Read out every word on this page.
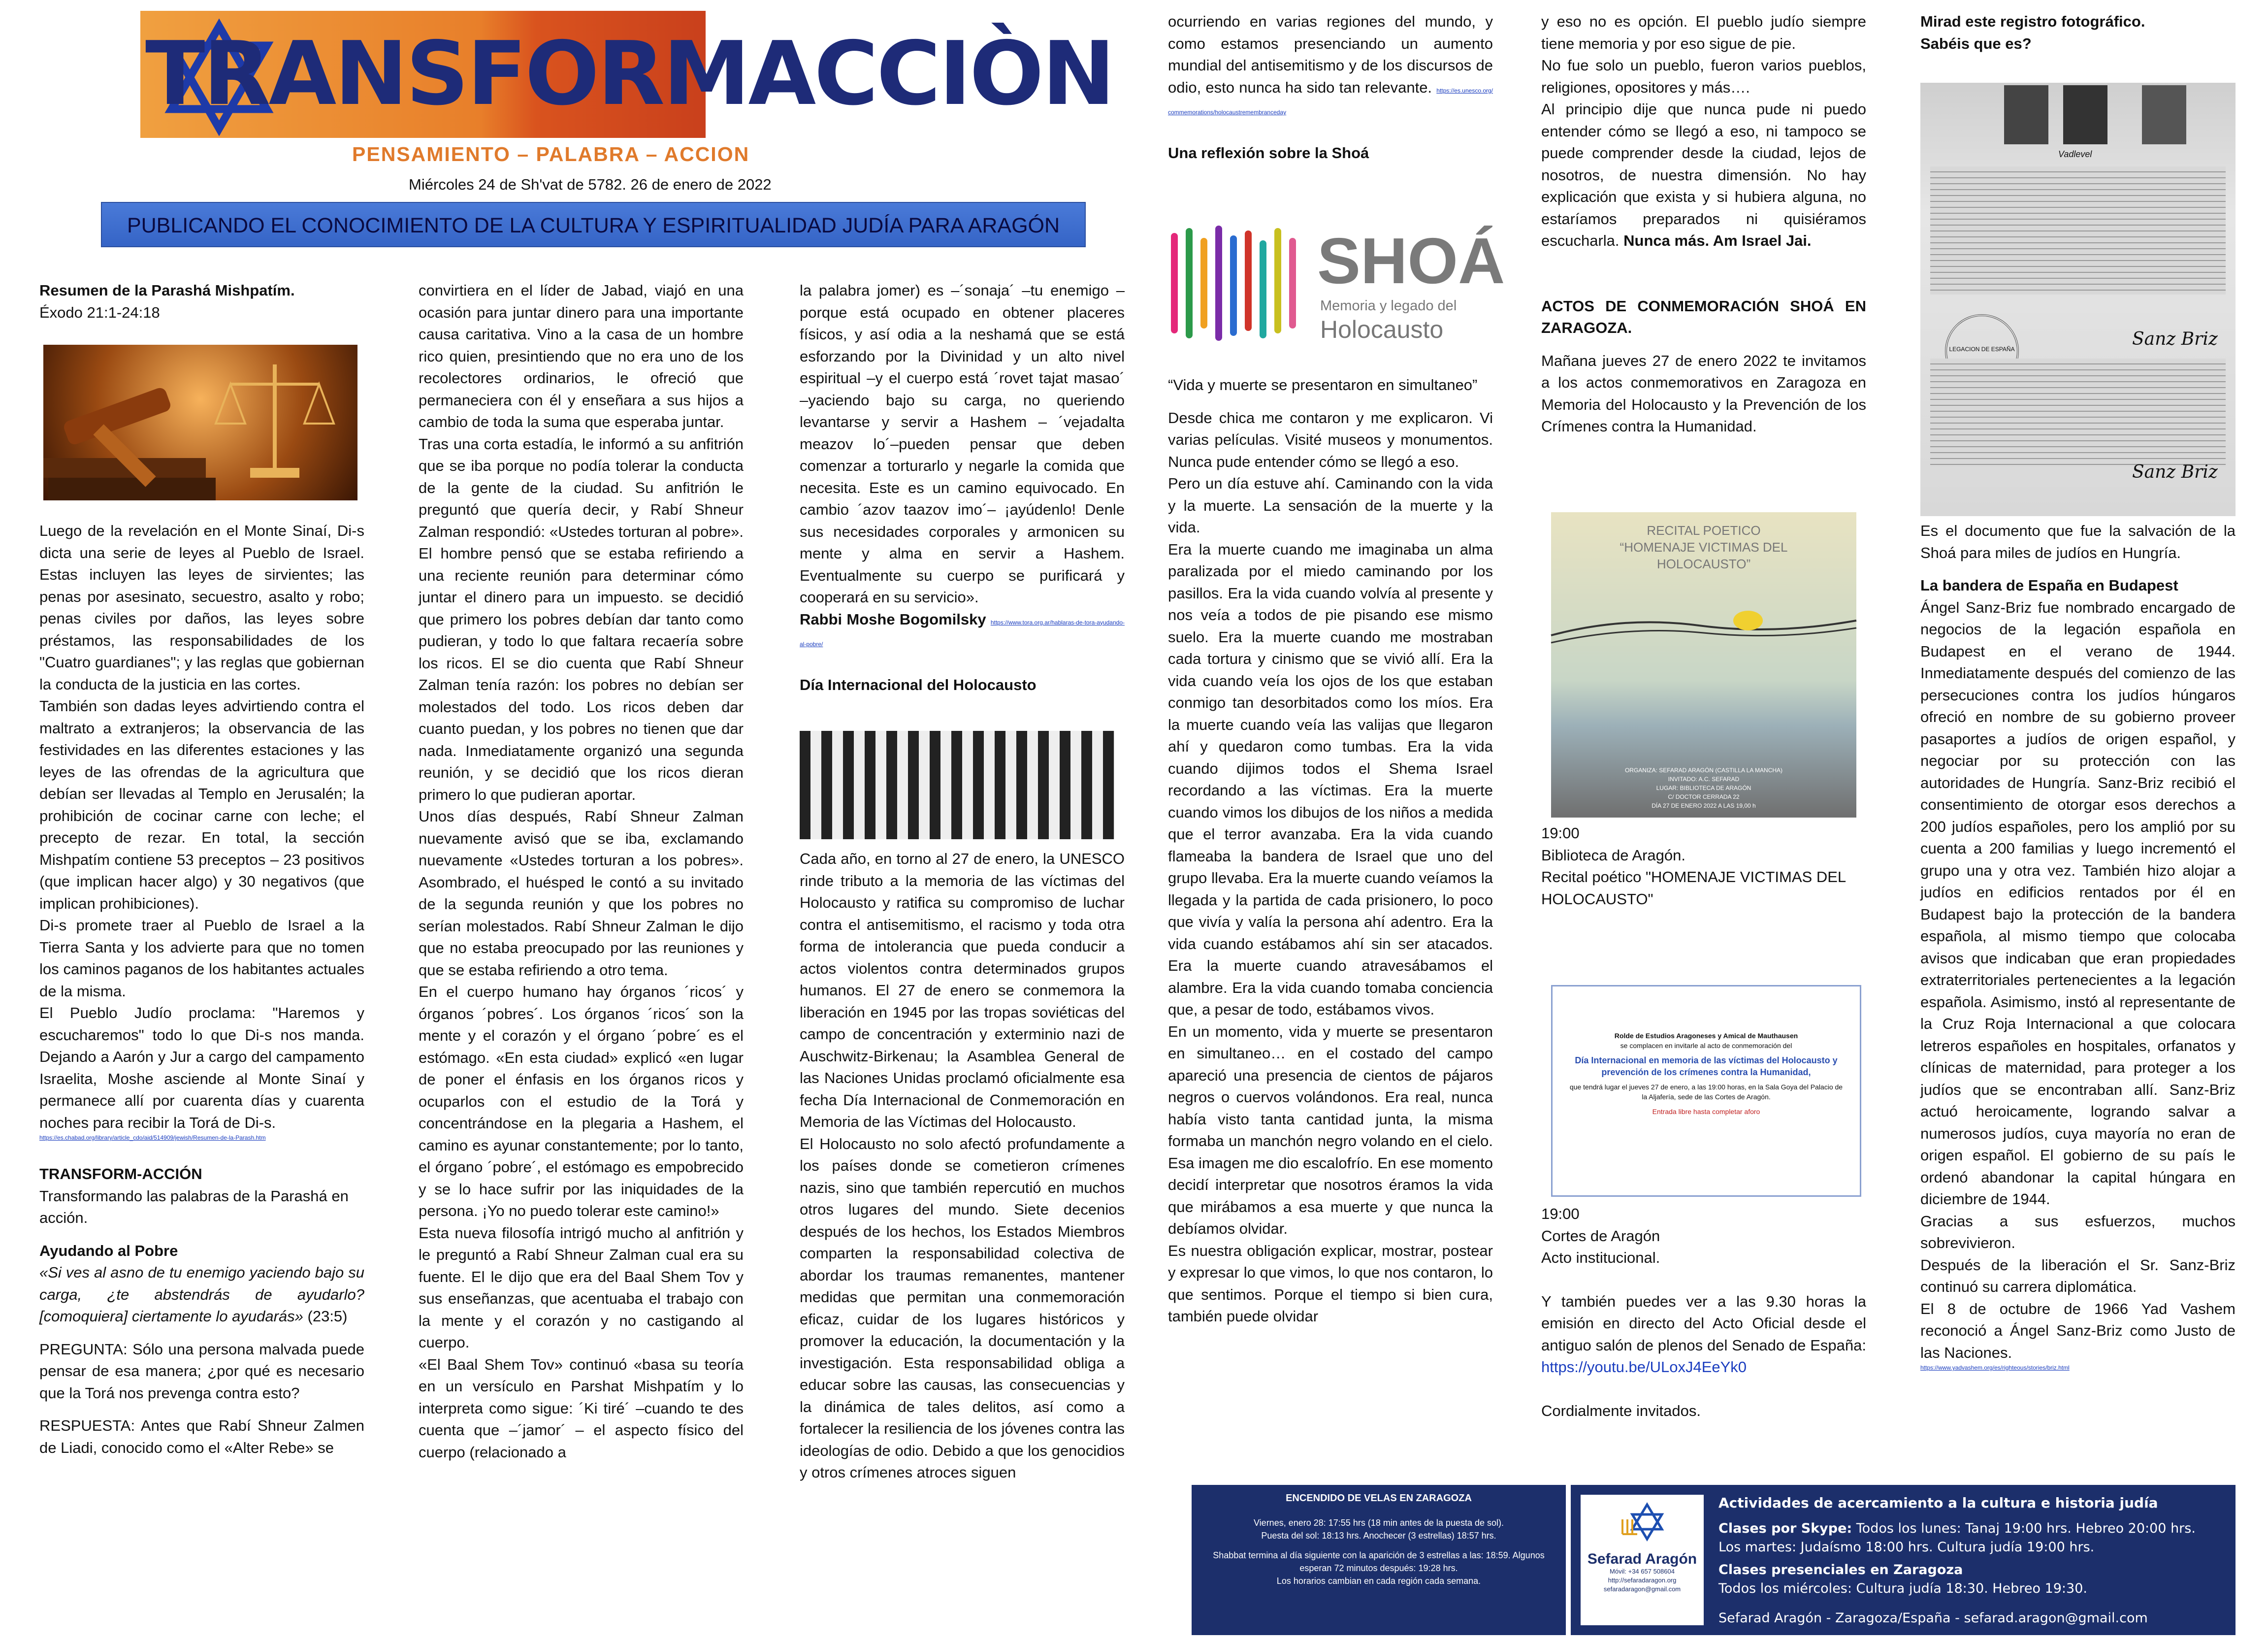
TRANSFORMACCIÒN
PENSAMIENTO – PALABRA – ACCION
Miércoles 24 de Sh'vat de 5782. 26 de enero de 2022
PUBLICANDO EL CONOCIMIENTO DE LA CULTURA Y ESPIRITUALIDAD JUDÍA PARA ARAGÓN

Resumen de la Parashá Mishpatím.

Éxodo 21:1-24:18

Luego de la revelación en el Monte Sinaí, Di-s dicta una serie de leyes al Pueblo de Israel. Estas incluyen las leyes de sirvientes; las penas por asesinato, secuestro, asalto y robo; penas civiles por daños, las leyes sobre préstamos, las responsabilidades de los "Cuatro guardianes"; y las reglas que gobiernan la conducta de la justicia en las cortes.

También son dadas leyes advirtiendo contra el maltrato a extranjeros; la observancia de las festividades en las diferentes estaciones y las leyes de las ofrendas de la agricultura que debían ser llevadas al Templo en Jerusalén; la prohibición de cocinar carne con leche; el precepto de rezar. En total, la sección Mishpatím contiene 53 preceptos – 23 positivos (que implican hacer algo) y 30 negativos (que implican prohibiciones).

Di-s promete traer al Pueblo de Israel a la Tierra Santa y los advierte para que no tomen los caminos paganos de los habitantes actuales de la misma.

El Pueblo Judío proclama: "Haremos y escucharemos" todo lo que Di-s nos manda. Dejando a Aarón y Jur a cargo del campamento Israelita, Moshe asciende al Monte Sinaí y permanece allí por cuarenta días y cuarenta noches para recibir la Torá de Di-s.

https://es.chabad.org/library/article_cdo/aid/514909/jewish/Resumen-de-la-Parash.htm

TRANSFORM-ACCIÓN

Transformando las palabras de la Parashá en acción.

Ayudando al Pobre

«Si ves al asno de tu enemigo yaciendo bajo su carga, ¿te abstendrás de ayudarlo? [comoquiera] ciertamente lo ayudarás» (23:5)

PREGUNTA: Sólo una persona malvada puede pensar de esa manera; ¿por qué es necesario que la Torá nos prevenga contra esto?

RESPUESTA: Antes que Rabí Shneur Zalmen de Liadi, conocido como el «Alter Rebe» se

convirtiera en el líder de Jabad, viajó en una ocasión para juntar dinero para una importante causa caritativa. Vino a la casa de un hombre rico quien, presintiendo que no era uno de los recolectores ordinarios, le ofreció que permaneciera con él y enseñara a sus hijos a cambio de toda la suma que esperaba juntar.

Tras una corta estadía, le informó a su anfitrión que se iba porque no podía tolerar la conducta de la gente de la ciudad. Su anfitrión le preguntó que quería decir, y Rabí Shneur Zalman respondió: «Ustedes torturan al pobre». El hombre pensó que se estaba refiriendo a una reciente reunión para determinar cómo juntar el dinero para un impuesto. se decidió que primero los pobres debían dar tanto como pudieran, y todo lo que faltara recaería sobre los ricos. El se dio cuenta que Rabí Shneur Zalman tenía razón: los pobres no debían ser molestados del todo. Los ricos deben dar cuanto puedan, y los pobres no tienen que dar nada. Inmediatamente organizó una segunda reunión, y se decidió que los ricos dieran primero lo que pudieran aportar.

Unos días después, Rabí Shneur Zalman nuevamente avisó que se iba, exclamando nuevamente «Ustedes torturan a los pobres». Asombrado, el huésped le contó a su invitado de la segunda reunión y que los pobres no serían molestados. Rabí Shneur Zalman le dijo que no estaba preocupado por las reuniones y que se estaba refiriendo a otro tema.

En el cuerpo humano hay órganos ´ricos´ y órganos ´pobres´. Los órganos ´ricos´ son la mente y el corazón y el órgano ´pobre´ es el estómago. «En esta ciudad» explicó «en lugar de poner el énfasis en los órganos ricos y ocuparlos con el estudio de la Torá y concentrándose en la plegaria a Hashem, el camino es ayunar constantemente; por lo tanto, el órgano ´pobre´, el estómago es empobrecido y se lo hace sufrir por las iniquidades de la persona. ¡Yo no puedo tolerar este camino!»

Esta nueva filosofía intrigó mucho al anfitrión y le preguntó a Rabí Shneur Zalman cual era su fuente. El le dijo que era del Baal Shem Tov y sus enseñanzas, que acentuaba el trabajo con la mente y el corazón y no castigando al cuerpo.

«El Baal Shem Tov» continuó «basa su teoría en un versículo en Parshat Mishpatím y lo interpreta como sigue: ´Ki tiré´ –cuando te des cuenta que –´jamor´ – el aspecto físico del cuerpo (relacionado a

la palabra jomer) es –´sonaja´ –tu enemigo –porque está ocupado en obtener placeres físicos, y así odia a la neshamá que se está esforzando por la Divinidad y un alto nivel espiritual –y el cuerpo está ´rovet tajat masao´ –yaciendo bajo su carga, no queriendo levantarse y servir a Hashem – ´vejadalta meazov lo´–pueden pensar que deben comenzar a torturarlo y negarle la comida que necesita. Este es un camino equivocado. En cambio ´azov taazov imo´– ¡ayúdenlo! Denle sus necesidades corporales y armonicen su mente y alma en servir a Hashem. Eventualmente su cuerpo se purificará y cooperará en su servicio».

Rabbi Moshe Bogomilsky https://www.tora.org.ar/hablaras-de-tora-ayudando-al-pobre/

Día Internacional del Holocausto

Cada año, en torno al 27 de enero, la UNESCO rinde tributo a la memoria de las víctimas del Holocausto y ratifica su compromiso de luchar contra el antisemitismo, el racismo y toda otra forma de intolerancia que pueda conducir a actos violentos contra determinados grupos humanos. El 27 de enero se conmemora la liberación en 1945 por las tropas soviéticas del campo de concentración y exterminio nazi de Auschwitz-Birkenau; la Asamblea General de las Naciones Unidas proclamó oficialmente esa fecha Día Internacional de Conmemoración en Memoria de las Víctimas del Holocausto.

El Holocausto no solo afectó profundamente a los países donde se cometieron crímenes nazis, sino que también repercutió en muchos otros lugares del mundo. Siete decenios después de los hechos, los Estados Miembros comparten la responsabilidad colectiva de abordar los traumas remanentes, mantener medidas que permitan una conmemoración eficaz, cuidar de los lugares históricos y promover la educación, la documentación y la investigación. Esta responsabilidad obliga a educar sobre las causas, las consecuencias y la dinámica de tales delitos, así como a fortalecer la resiliencia de los jóvenes contra las ideologías de odio. Debido a que los genocidios y otros crímenes atroces siguen

ocurriendo en varias regiones del mundo, y como estamos presenciando un aumento mundial del antisemitismo y de los discursos de odio, esto nunca ha sido tan relevante. https://es.unesco.org/commemorations/holocaustremembranceday

Una reflexión sobre la Shoá

SHOÁ
Memoria y legado del
Holocausto

“Vida y muerte se presentaron en simultaneo”

Desde chica me contaron y me explicaron. Vi varias películas. Visité museos y monumentos. Nunca pude entender cómo se llegó a eso.

Pero un día estuve ahí. Caminando con la vida y la muerte. La sensación de la muerte y la vida.

Era la muerte cuando me imaginaba un alma paralizada por el miedo caminando por los pasillos. Era la vida cuando volvía al presente y nos veía a todos de pie pisando ese mismo suelo. Era la muerte cuando me mostraban cada tortura y cinismo que se vivió allí. Era la vida cuando veía los ojos de los que estaban conmigo tan desorbitados como los míos. Era la muerte cuando veía las valijas que llegaron ahí y quedaron como tumbas. Era la vida cuando dijimos todos el Shema Israel recordando a las víctimas. Era la muerte cuando vimos los dibujos de los niños a medida que el terror avanzaba. Era la vida cuando flameaba la bandera de Israel que uno del grupo llevaba. Era la muerte cuando veíamos la llegada y la partida de cada prisionero, lo poco que vivía y valía la persona ahí adentro. Era la vida cuando estábamos ahí sin ser atacados. Era la muerte cuando atravesábamos el alambre. Era la vida cuando tomaba conciencia que, a pesar de todo, estábamos vivos.

En un momento, vida y muerte se presentaron en simultaneo… en el costado del campo apareció una presencia de cientos de pájaros negros o cuervos volándonos. Era real, nunca había visto tanta cantidad junta, la misma formaba un manchón negro volando en el cielo. Esa imagen me dio escalofrío. En ese momento decidí interpretar que nosotros éramos la vida que mirábamos a esa muerte y que nunca la debíamos olvidar.

Es nuestra obligación explicar, mostrar, postear y expresar lo que vimos, lo que nos contaron, lo que sentimos. Porque el tiempo si bien cura, también puede olvidar

y eso no es opción. El pueblo judío siempre tiene memoria y por eso sigue de pie.

No fue solo un pueblo, fueron varios pueblos, religiones, opositores y más….

Al principio dije que nunca pude ni puedo entender cómo se llegó a eso, ni tampoco se puede comprender desde la ciudad, lejos de nosotros, de nuestra dimensión. No hay explicación que exista y si hubiera alguna, no estaríamos preparados ni quisiéramos escucharla. Nunca más. Am Israel Jai.

ACTOS DE CONMEMORACIÓN SHOÁ EN ZARAGOZA.

Mañana jueves 27 de enero 2022 te invitamos a los actos conmemorativos en Zaragoza en Memoria del Holocausto y la Prevención de los Crímenes contra la Humanidad.

RECITAL POETICO
“HOMENAJE VICTIMAS DEL
HOLOCAUSTO”
ORGANIZA: SEFARAD ARAGÓN (CASTILLA LA MANCHA)
INVITADO: A.C. SEFARAD
LUGAR: BIBLIOTECA DE ARAGÓN
C/ DOCTOR CERRADA 22
DÍA 27 DE ENERO 2022 A LAS 19,00 h

19:00

Biblioteca de Aragón.

Recital poético "HOMENAJE VICTIMAS DEL HOLOCAUSTO"

Rolde de Estudios Aragoneses y Amical de Mauthausen
se complacen en invitarle al acto de conmemoración del
Día Internacional en memoria de las víctimas del Holocausto y prevención de los crímenes contra la Humanidad,
que tendrá lugar el jueves 27 de enero, a las 19:00 horas, en la Sala Goya del Palacio de la Aljafería, sede de las Cortes de Aragón.
Entrada libre hasta completar aforo

19:00

Cortes de Aragón

Acto institucional.

Y también puedes ver a las 9.30 horas la emisión en directo del Acto Oficial desde el antiguo salón de plenos del Senado de España: https://youtu.be/ULoxJ4EeYk0

Cordialmente invitados.

Mirad este registro fotográfico.

Sabéis que es?

Vadlevel
LEGACION DE ESPAÑA	Sanz Briz
Sanz Briz

Es el documento que fue la salvación de la Shoá para miles de judíos en Hungría.

La bandera de España en Budapest

Ángel Sanz-Briz fue nombrado encargado de negocios de la legación española en Budapest en el verano de 1944. Inmediatamente después del comienzo de las persecuciones contra los judíos húngaros ofreció en nombre de su gobierno proveer pasaportes a judíos de origen español, y negociar por su protección con las autoridades de Hungría. Sanz-Briz recibió el consentimiento de otorgar esos derechos a 200 judíos españoles, pero los amplió por su cuenta a 200 familias y luego incrementó el grupo una y otra vez. También hizo alojar a judíos en edificios rentados por él en Budapest bajo la protección de la bandera española, al mismo tiempo que colocaba avisos que indicaban que eran propiedades extraterritoriales pertenecientes a la legación española. Asimismo, instó al representante de la Cruz Roja Internacional a que colocara letreros españoles en hospitales, orfanatos y clínicas de maternidad, para proteger a los judíos que se encontraban allí. Sanz-Briz actuó heroicamente, logrando salvar a numerosos judíos, cuya mayoría no eran de origen español. El gobierno de su país le ordenó abandonar la capital húngara en diciembre de 1944.

Gracias a sus esfuerzos, muchos sobrevivieron.

Después de la liberación el Sr. Sanz-Briz continuó su carrera diplomática.

El 8 de octubre de 1966 Yad Vashem reconoció a Ángel Sanz-Briz como Justo de las Naciones.

https://www.yadvashem.org/es/righteous/stories/briz.html

ENCENDIDO DE VELAS EN ZARAGOZA
Viernes, enero 28: 17:55 hrs (18 min antes de la puesta de sol).
Puesta del sol: 18:13 hrs. Anochecer (3 estrellas) 18:57 hrs.
Shabbat termina al día siguiente con la aparición de 3 estrellas a las: 18:59. Algunos esperan 72 minutos después: 19:28 hrs.
Los horarios cambian en cada región cada semana.
Sefarad Aragón
Móvil: +34 657 508604
http://sefaradaragon.org
sefaradaragon@gmail.com
Actividades de acercamiento a la cultura e historia judía
Clases por Skype: Todos los lunes: Tanaj 19:00 hrs. Hebreo 20:00 hrs.
Los martes: Judaísmo 18:00 hrs. Cultura judía 19:00 hrs.
Clases presenciales en Zaragoza
Todos los miércoles: Cultura judía 18:30. Hebreo 19:30.
Sefarad Aragón - Zaragoza/España - sefarad.aragon@gmail.com
